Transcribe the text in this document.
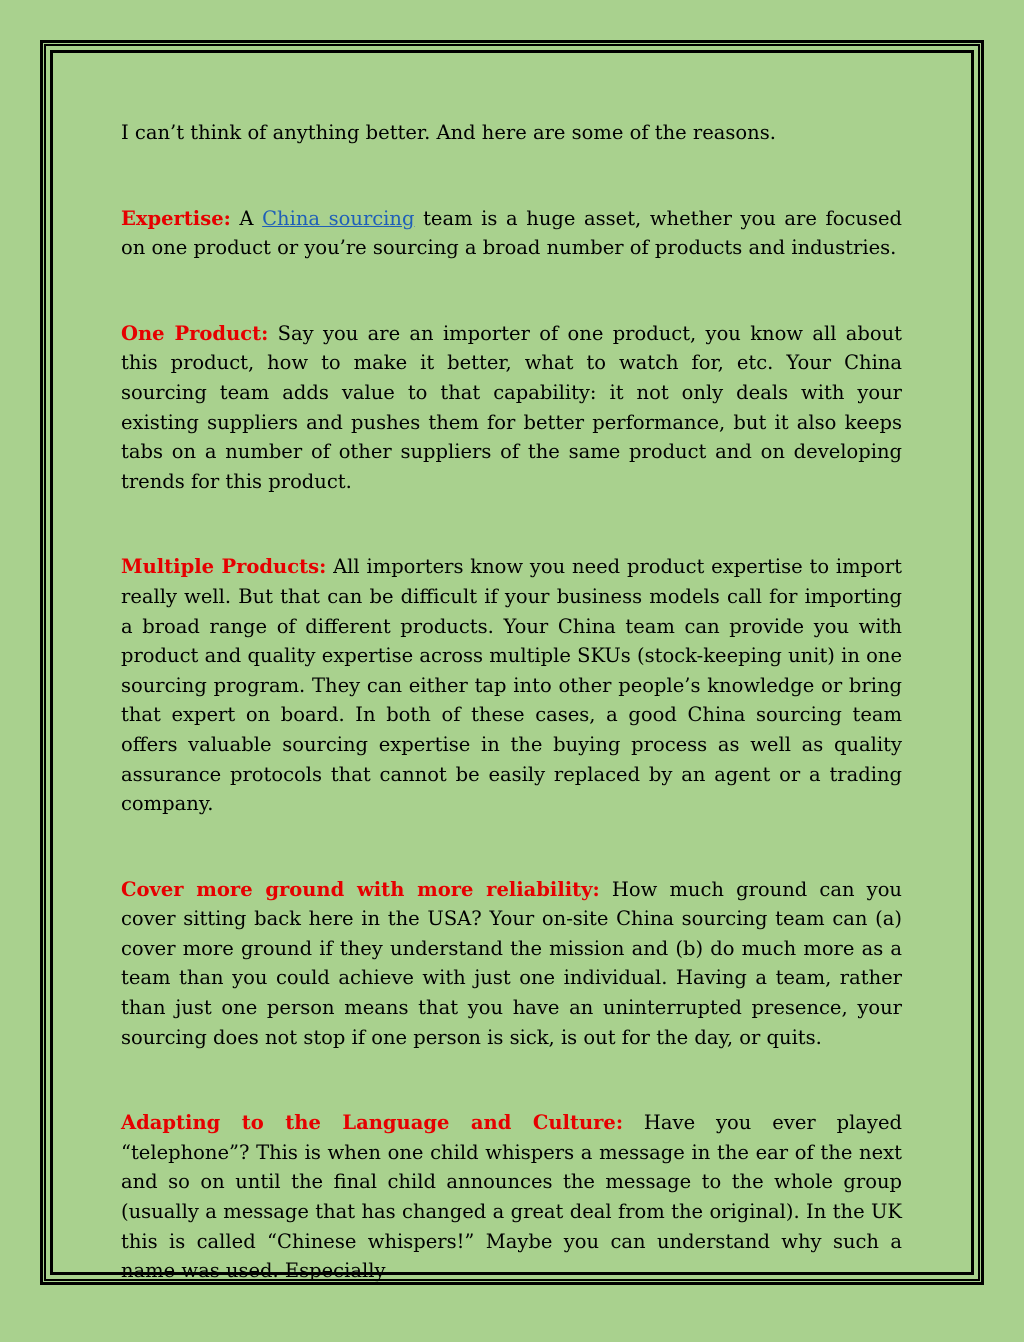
I can’t think of anything better. And here are some of the reasons.

Expertise: A China sourcing team is a huge asset, whether you are focused on one product or you’re sourcing a broad number of products and industries.

One Product: Say you are an importer of one product, you know all about this product, how to make it better, what to watch for, etc. Your China sourcing team adds value to that capability: it not only deals with your existing suppliers and pushes them for better performance, but it also keeps tabs on a number of other suppliers of the same product and on developing trends for this product.

Multiple Products: All importers know you need product expertise to import really well. But that can be difficult if your business models call for importing a broad range of different products. Your China team can provide you with product and quality expertise across multiple SKUs (stock-keeping unit) in one sourcing program. They can either tap into other people’s knowledge or bring that expert on board. In both of these cases, a good China sourcing team offers valuable sourcing expertise in the buying process as well as quality assurance protocols that cannot be easily replaced by an agent or a trading company.

Cover more ground with more reliability: How much ground can you cover sitting back here in the USA? Your on-site China sourcing team can (a) cover more ground if they understand the mission and (b) do much more as a team than you could achieve with just one individual. Having a team, rather than just one person means that you have an uninterrupted presence, your sourcing does not stop if one person is sick, is out for the day, or quits.

Adapting to the Language and Culture: Have you ever played “telephone”? This is when one child whispers a message in the ear of the next and so on until the final child announces the message to the whole group (usually a message that has changed a great deal from the original). In the UK this is called “Chinese whispers!” Maybe you can understand why such a name was used. Especially
